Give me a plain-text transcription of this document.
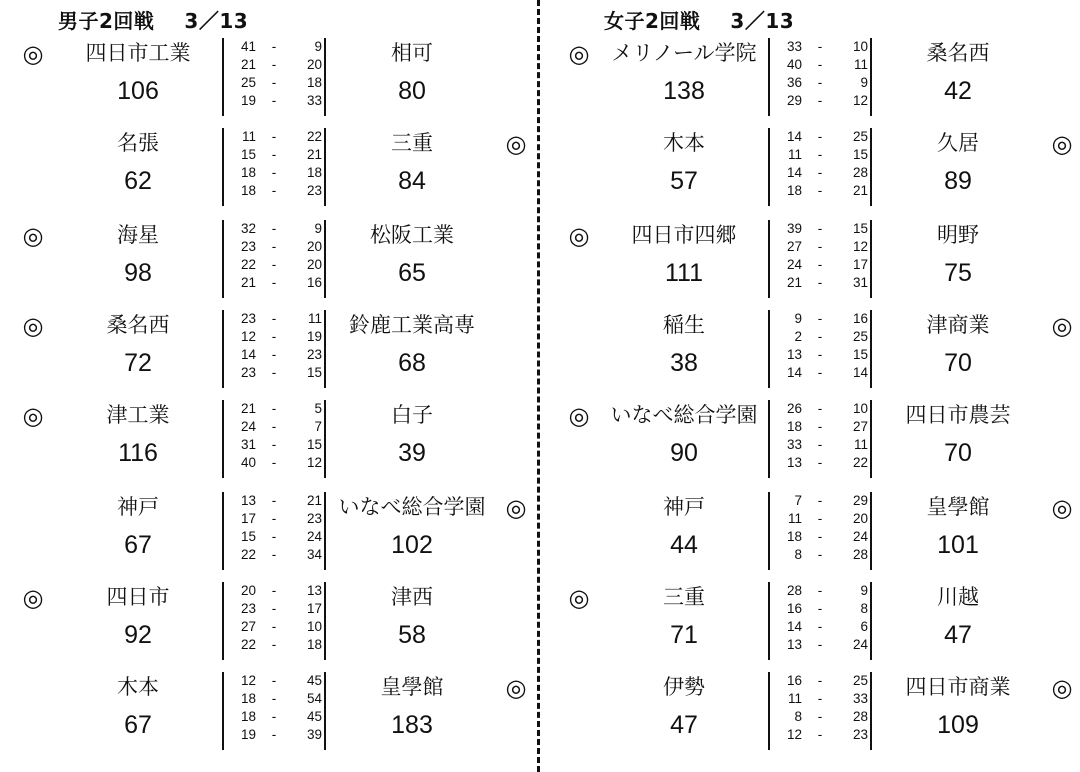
男子2回戦 3／13
◎	四日市工業
106
41	-	9
21	-	20
25	-	18
19	-	33
相可
80
名張
62
11	-	22
15	-	21
18	-	18
18	-	23
三重
84
◎
◎	海星
98
32	-	9
23	-	20
22	-	20
21	-	16
松阪工業
65
◎	桑名西
72
23	-	11
12	-	19
14	-	23
23	-	15
鈴鹿工業高専
68
◎	津工業
116
21	-	5
24	-	7
31	-	15
40	-	12
白子
39
神戸
67
13	-	21
17	-	23
15	-	24
22	-	34
いなべ総合学園
102
◎
◎	四日市
92
20	-	13
23	-	17
27	-	10
22	-	18
津西
58
木本
67
12	-	45
18	-	54
18	-	45
19	-	39
皇學館
183
◎
女子2回戦 3／13
◎	メリノール学院
138
33	-	10
40	-	11
36	-	9
29	-	12
桑名西
42
木本
57
14	-	25
11	-	15
14	-	28
18	-	21
久居
89
◎
◎	四日市四郷
111
39	-	15
27	-	12
24	-	17
21	-	31
明野
75
稲生
38
9	-	16
2	-	25
13	-	15
14	-	14
津商業
70
◎
◎	いなべ総合学園
90
26	-	10
18	-	27
33	-	11
13	-	22
四日市農芸
70
神戸
44
7	-	29
11	-	20
18	-	24
8	-	28
皇學館
101
◎
◎	三重
71
28	-	9
16	-	8
14	-	6
13	-	24
川越
47
伊勢
47
16	-	25
11	-	33
8	-	28
12	-	23
四日市商業
109
◎
